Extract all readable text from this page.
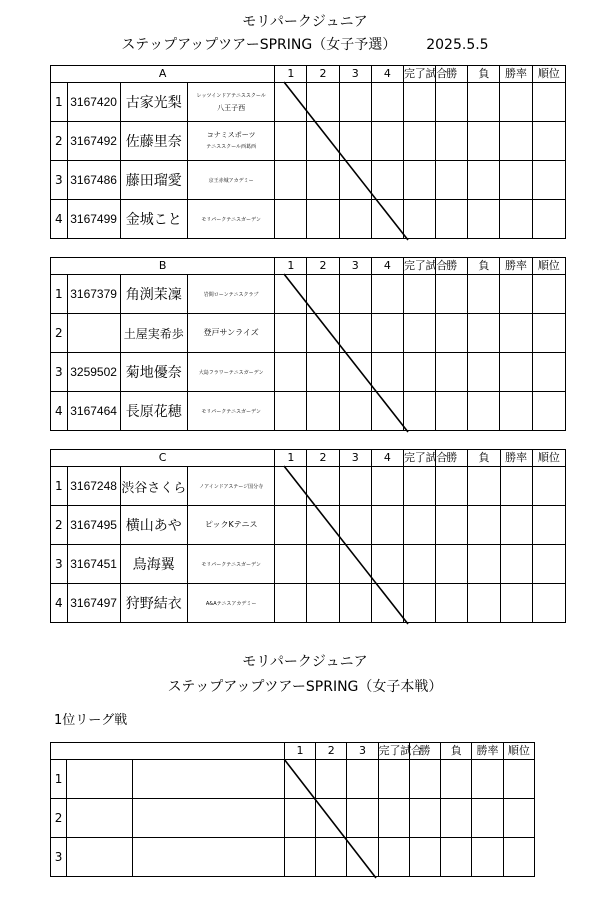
モリパークジュニア
ステップアップツアーSPRING（女子予選） 2025.5.5
A				1	2	3	4	完了試合	勝	負	勝率	順位
1	3167420	古家光梨	レッツインドアテニススクール
八王子西									

2	3167492	佐藤里奈	コナミスポーツ
テニススクール西葛西									

3	3167486	藤田瑠愛	京王赤城アカデミー									
4	3167499	金城こと	モリパークテニスガーデン									
B				1	2	3	4	完了試合	勝	負	勝率	順位
1	3167379	角渕茉凜	岩間ローンテニスクラブ									
2		土屋実希歩	登戸サンライズ									
3	3259502	菊地優奈	大島フラワーテニスガーデン									
4	3167464	長原花穂	モリパークテニスガーデン									
C				1	2	3	4	完了試合	勝	負	勝率	順位
1	3167248	渋谷さくら	ノアインドアステージ国分寺									
2	3167495	横山あや	ピックKテニス									
3	3167451	鳥海翼	モリパークテニスガーデン									
4	3167497	狩野結衣	A&Aテニスアカデミー									
モリパークジュニア
ステップアップツアーSPRING（女子本戦）
1位リーグ戦
			1	2	3	完了試合	勝	負	勝率	順位
1										
2										
3										
